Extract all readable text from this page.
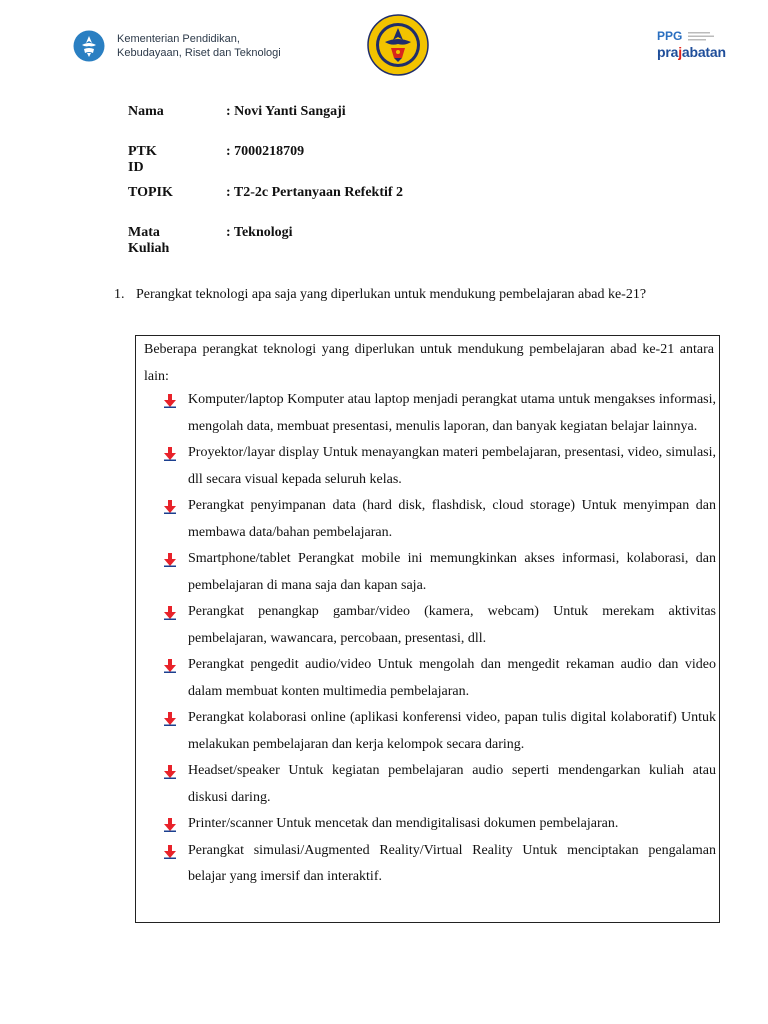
Kementerian Pendidikan,
Kebudayaan, Riset dan Teknologi
PPG
prajabatan
Nama	: Novi Yanti Sangaji
PTK ID
: 7000218709
TOPIK	: T2-2c Pertanyaan Refektif 2
Mata Kuliah
: Teknologi
1. Perangkat teknologi apa saja yang diperlukan untuk mendukung pembelajaran abad ke-21?
Beberapa perangkat teknologi yang diperlukan untuk mendukung pembelajaran abad ke-21 antara lain:
Komputer/laptop Komputer atau laptop menjadi perangkat utama untuk mengakses informasi, mengolah data, membuat presentasi, menulis laporan, dan banyak kegiatan belajar lainnya.
Proyektor/layar display Untuk menayangkan materi pembelajaran, presentasi, video, simulasi, dll secara visual kepada seluruh kelas.
Perangkat penyimpanan data (hard disk, flashdisk, cloud storage) Untuk menyimpan dan membawa data/bahan pembelajaran.
Smartphone/tablet Perangkat mobile ini memungkinkan akses informasi, kolaborasi, dan pembelajaran di mana saja dan kapan saja.
Perangkat penangkap gambar/video (kamera, webcam) Untuk merekam aktivitas pembelajaran, wawancara, percobaan, presentasi, dll.
Perangkat pengedit audio/video Untuk mengolah dan mengedit rekaman audio dan video dalam membuat konten multimedia pembelajaran.
Perangkat kolaborasi online (aplikasi konferensi video, papan tulis digital kolaboratif) Untuk melakukan pembelajaran dan kerja kelompok secara daring.
Headset/speaker Untuk kegiatan pembelajaran audio seperti mendengarkan kuliah atau diskusi daring.
Printer/scanner Untuk mencetak dan mendigitalisasi dokumen pembelajaran.
Perangkat simulasi/Augmented Reality/Virtual Reality Untuk menciptakan pengalaman belajar yang imersif dan interaktif.
